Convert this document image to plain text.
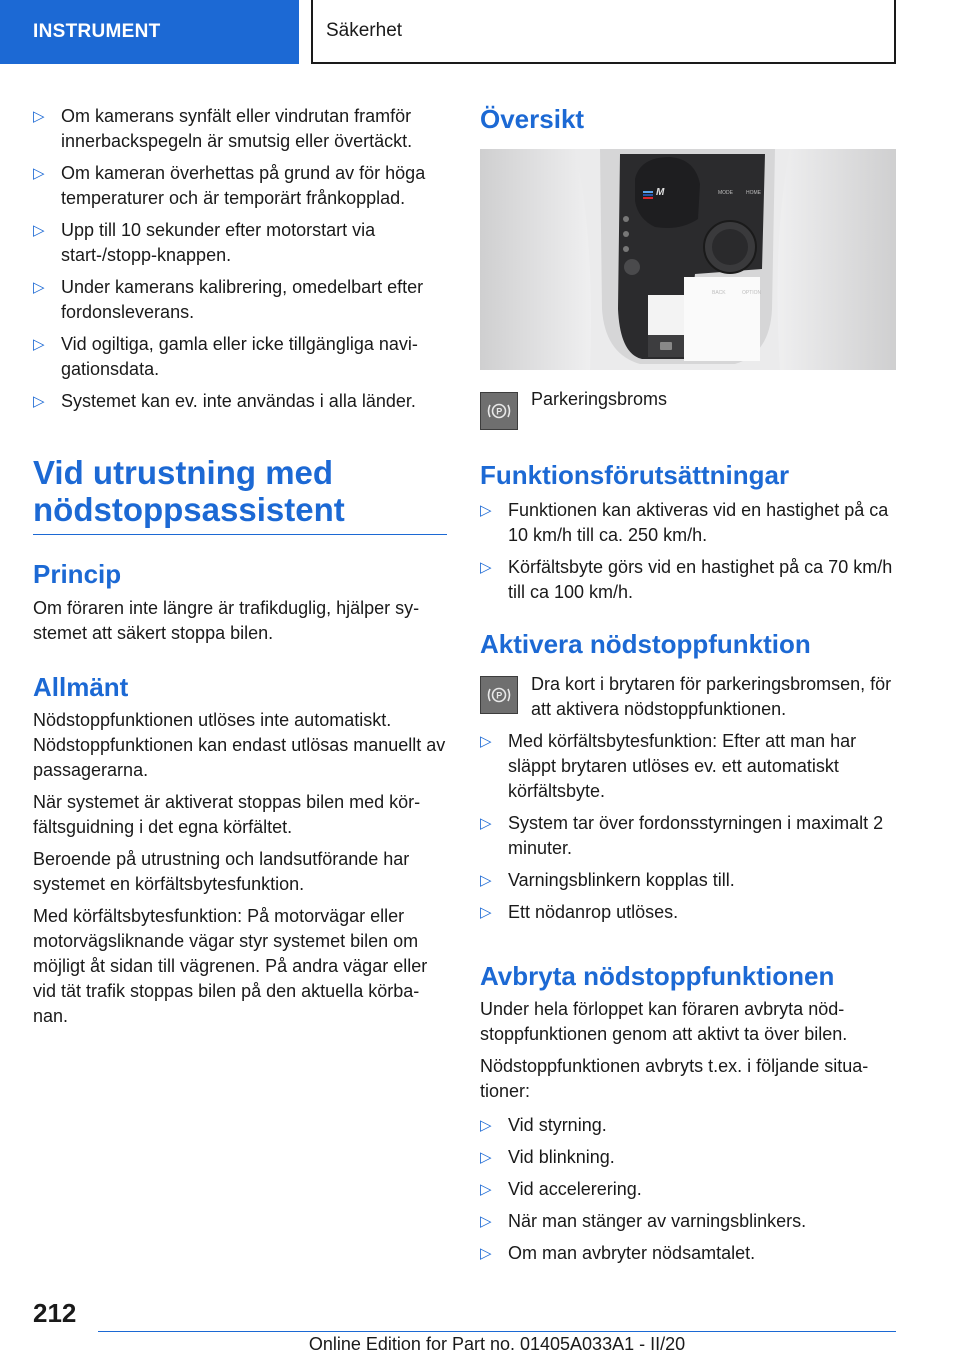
INSTRUMENT	Säkerhet
▷ Om kamerans synfält eller vindrutan framför innerbackspegeln är smutsig eller övertäckt.
▷ Om kameran överhettas på grund av för höga temperaturer och är temporärt frånkopplad.
▷ Upp till 10 sekunder efter motorstart via start-/stopp-knappen.
▷ Under kamerans kalibrering, omedelbart efter fordonsleverans.
▷ Vid ogiltiga, gamla eller icke tillgängliga navi-gationsdata.
▷ Systemet kan ev. inte användas i alla länder.
Vid utrustning med
nödstoppsassistent
Princip
Om föraren inte längre är trafikduglig, hjälper sy-stemet att säkert stoppa bilen.
Allmänt

Nödstoppfunktionen utlöses inte automatiskt. Nödstoppfunktionen kan endast utlösas manuellt av passagerarna.

När systemet är aktiverat stoppas bilen med kör-fältsguidning i det egna körfältet.

Beroende på utrustning och landsutförande har systemet en körfältsbytesfunktion.

Med körfältsbytesfunktion: På motorvägar eller motorvägsliknande vägar styr systemet bilen om möjligt åt sidan till vägrenen. På andra vägar eller vid tät trafik stoppas bilen på den aktuella körba-nan.

Översikt
M	MODE	HOME
BACK	OPTION
P
Parkeringsbroms
Funktionsförutsättningar
▷ Funktionen kan aktiveras vid en hastighet på ca 10 km/h till ca. 250 km/h.
▷ Körfältsbyte görs vid en hastighet på ca 70 km/h till ca 100 km/h.
Aktivera nödstoppfunktion
P
Dra kort i brytaren för parkeringsbromsen, för att aktivera nödstoppfunktionen.
▷ Med körfältsbytesfunktion: Efter att man har släppt brytaren utlöses ev. ett automatiskt körfältsbyte.
▷ System tar över fordonsstyrningen i maximalt 2 minuter.
▷ Varningsblinkern kopplas till.
▷ Ett nödanrop utlöses.
Avbryta nödstoppfunktionen

Under hela förloppet kan föraren avbryta nöd-stoppfunktionen genom att aktivt ta över bilen.

Nödstoppfunktionen avbryts t.ex. i följande situa-tioner:

▷ Vid styrning.
▷ Vid blinkning.
▷ Vid accelerering.
▷ När man stänger av varningsblinkers.
▷ Om man avbryter nödsamtalet.
212
Online Edition for Part no. 01405A033A1 - II/20
